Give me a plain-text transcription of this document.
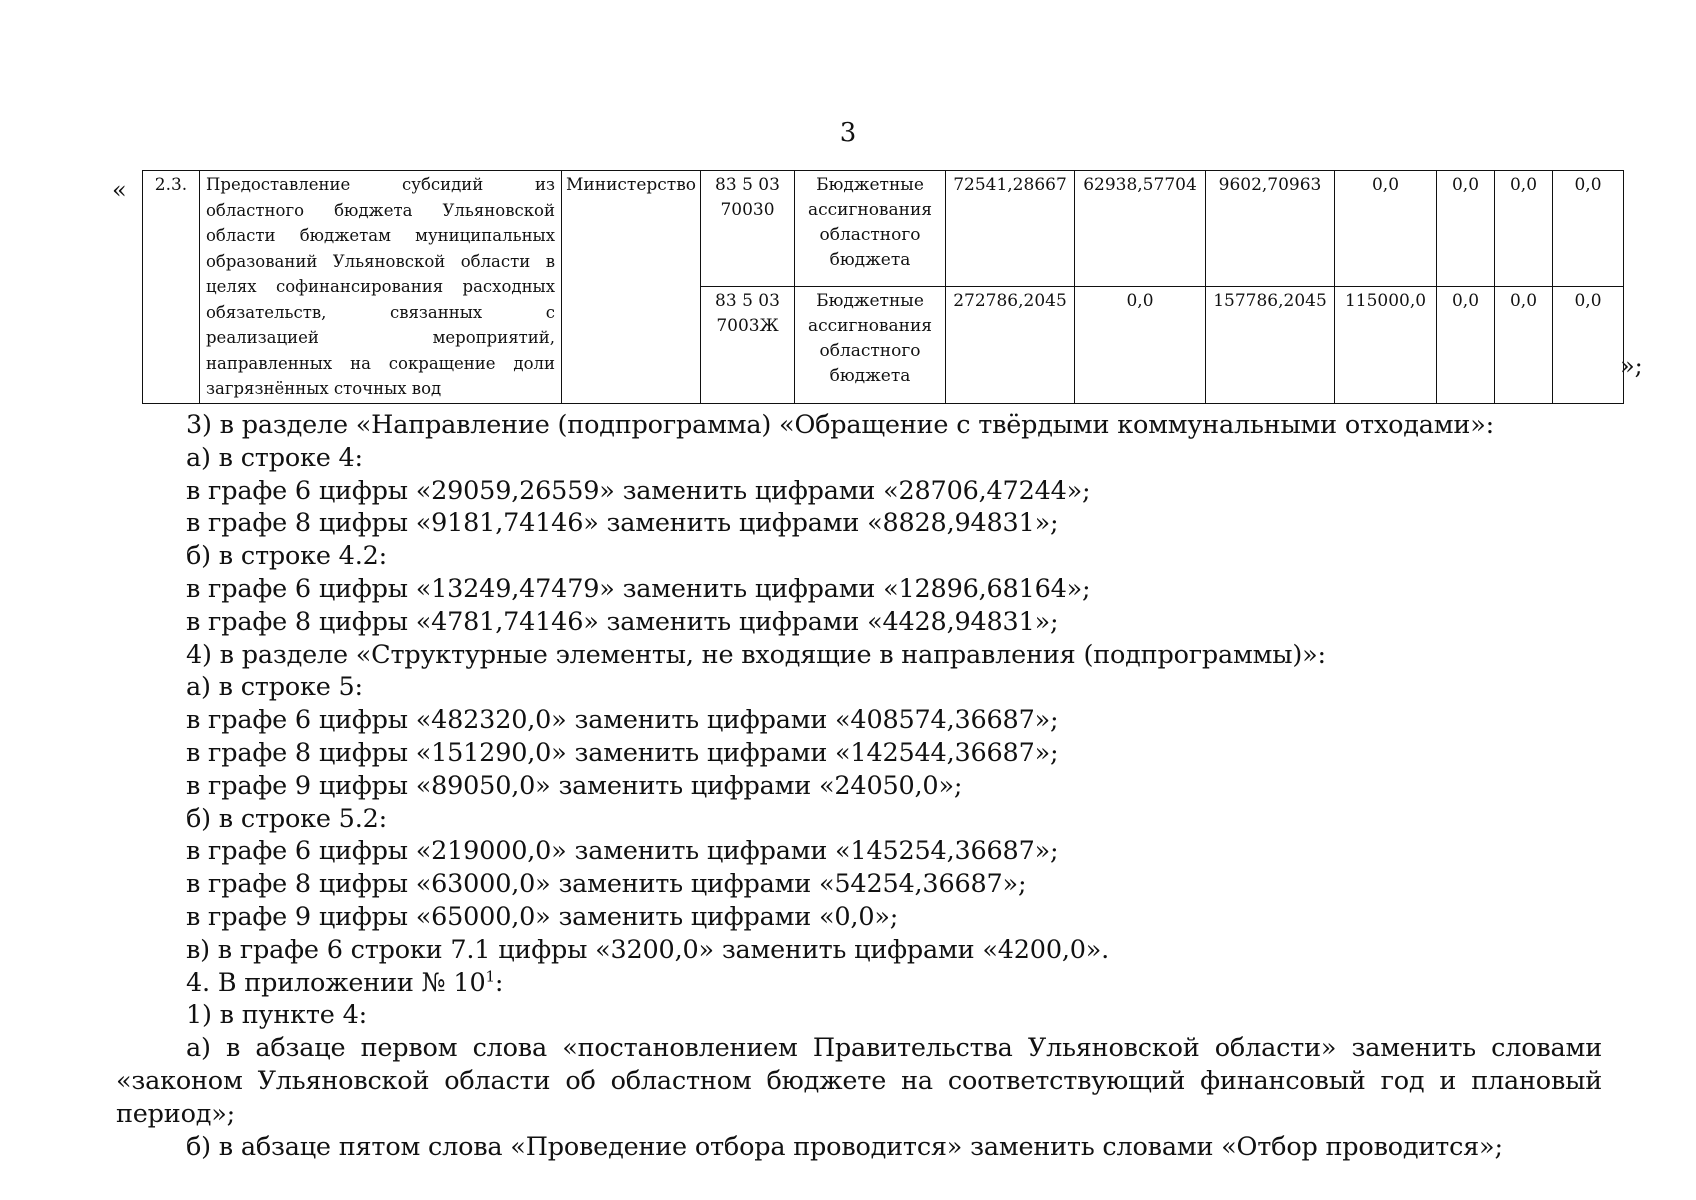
3
« 2.3.	Предоставление субсидий из областного бюджета Ульяновской области бюджетам муниципальных образований Ульяновской области в целях софинансирования расходных обязательств, связанных с реализацией мероприятий, направленных на сокращение доли загрязнённых сточных вод	Министерство	83 5 03 70030	Бюджетные ассигнования областного бюджета	72541,28667	62938,57704	9602,70963	0,0	0,0	0,0	0,0
			83 5 03 7003Ж	Бюджетные ассигнования областного бюджета	272786,2045	0,0	157786,2045	115000,0	0,0	0,0	0,0
»;

3) в разделе «Направление (подпрограмма) «Обращение с твёрдыми коммунальными отходами»:

а) в строке 4:

в графе 6 цифры «29059,26559» заменить цифрами «28706,47244»;

в графе 8 цифры «9181,74146» заменить цифрами «8828,94831»;

б) в строке 4.2:

в графе 6 цифры «13249,47479» заменить цифрами «12896,68164»;

в графе 8 цифры «4781,74146» заменить цифрами «4428,94831»;

4) в разделе «Структурные элементы, не входящие в направления (подпрограммы)»:

а) в строке 5:

в графе 6 цифры «482320,0» заменить цифрами «408574,36687»;

в графе 8 цифры «151290,0» заменить цифрами «142544,36687»;

в графе 9 цифры «89050,0» заменить цифрами «24050,0»;

б) в строке 5.2:

в графе 6 цифры «219000,0» заменить цифрами «145254,36687»;

в графе 8 цифры «63000,0» заменить цифрами «54254,36687»;

в графе 9 цифры «65000,0» заменить цифрами «0,0»;

в) в графе 6 строки 7.1 цифры «3200,0» заменить цифрами «4200,0».

4. В приложении № $10^1$:

1) в пункте 4:

а) в абзаце первом слова «постановлением Правительства Ульяновской области» заменить словами «законом Ульяновской области об областном бюджете на соответствующий финансовый год и плановый период»;

б) в абзаце пятом слова «Проведение отбора проводится» заменить словами «Отбор проводится»;
